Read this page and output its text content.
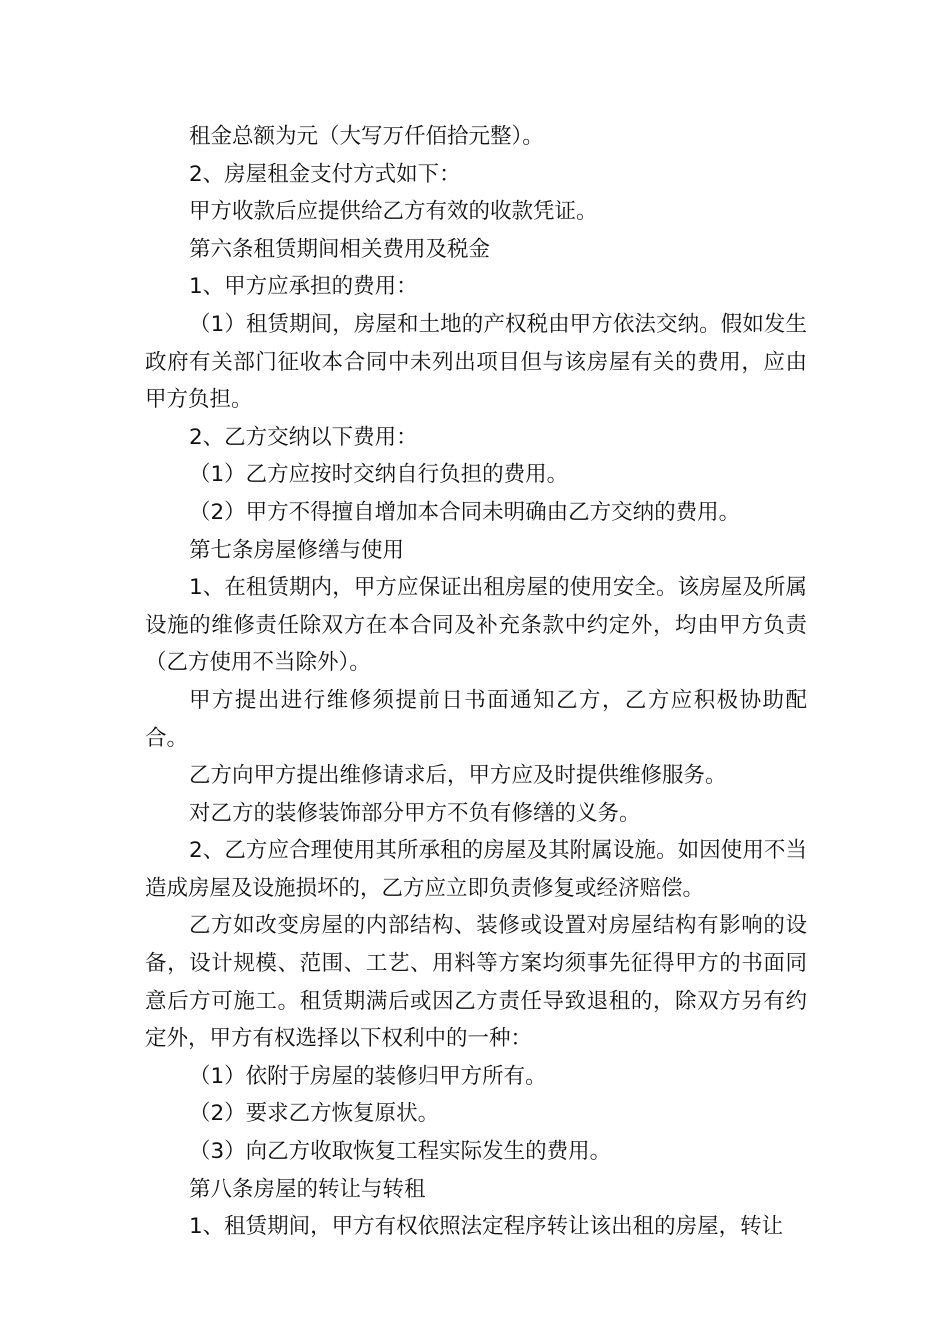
租金总额为元（大写万仟佰拾元整）。

2、房屋租金支付方式如下：

甲方收款后应提供给乙方有效的收款凭证。

第六条租赁期间相关费用及税金

1、甲方应承担的费用：

（1）租赁期间，房屋和土地的产权税由甲方依法交纳。假如发生政府有关部门征收本合同中未列出项目但与该房屋有关的费用，应由甲方负担。

2、乙方交纳以下费用：

（1）乙方应按时交纳自行负担的费用。

（2）甲方不得擅自增加本合同未明确由乙方交纳的费用。

第七条房屋修缮与使用

1、在租赁期内，甲方应保证出租房屋的使用安全。该房屋及所属设施的维修责任除双方在本合同及补充条款中约定外，均由甲方负责（乙方使用不当除外）。

甲方提出进行维修须提前日书面通知乙方，乙方应积极协助配合。

乙方向甲方提出维修请求后，甲方应及时提供维修服务。

对乙方的装修装饰部分甲方不负有修缮的义务。

2、乙方应合理使用其所承租的房屋及其附属设施。如因使用不当造成房屋及设施损坏的，乙方应立即负责修复或经济赔偿。

乙方如改变房屋的内部结构、装修或设置对房屋结构有影响的设备，设计规模、范围、工艺、用料等方案均须事先征得甲方的书面同意后方可施工。租赁期满后或因乙方责任导致退租的，除双方另有约定外，甲方有权选择以下权利中的一种：

（1）依附于房屋的装修归甲方所有。

（2）要求乙方恢复原状。

（3）向乙方收取恢复工程实际发生的费用。

第八条房屋的转让与转租

1、租赁期间，甲方有权依照法定程序转让该出租的房屋，转让
